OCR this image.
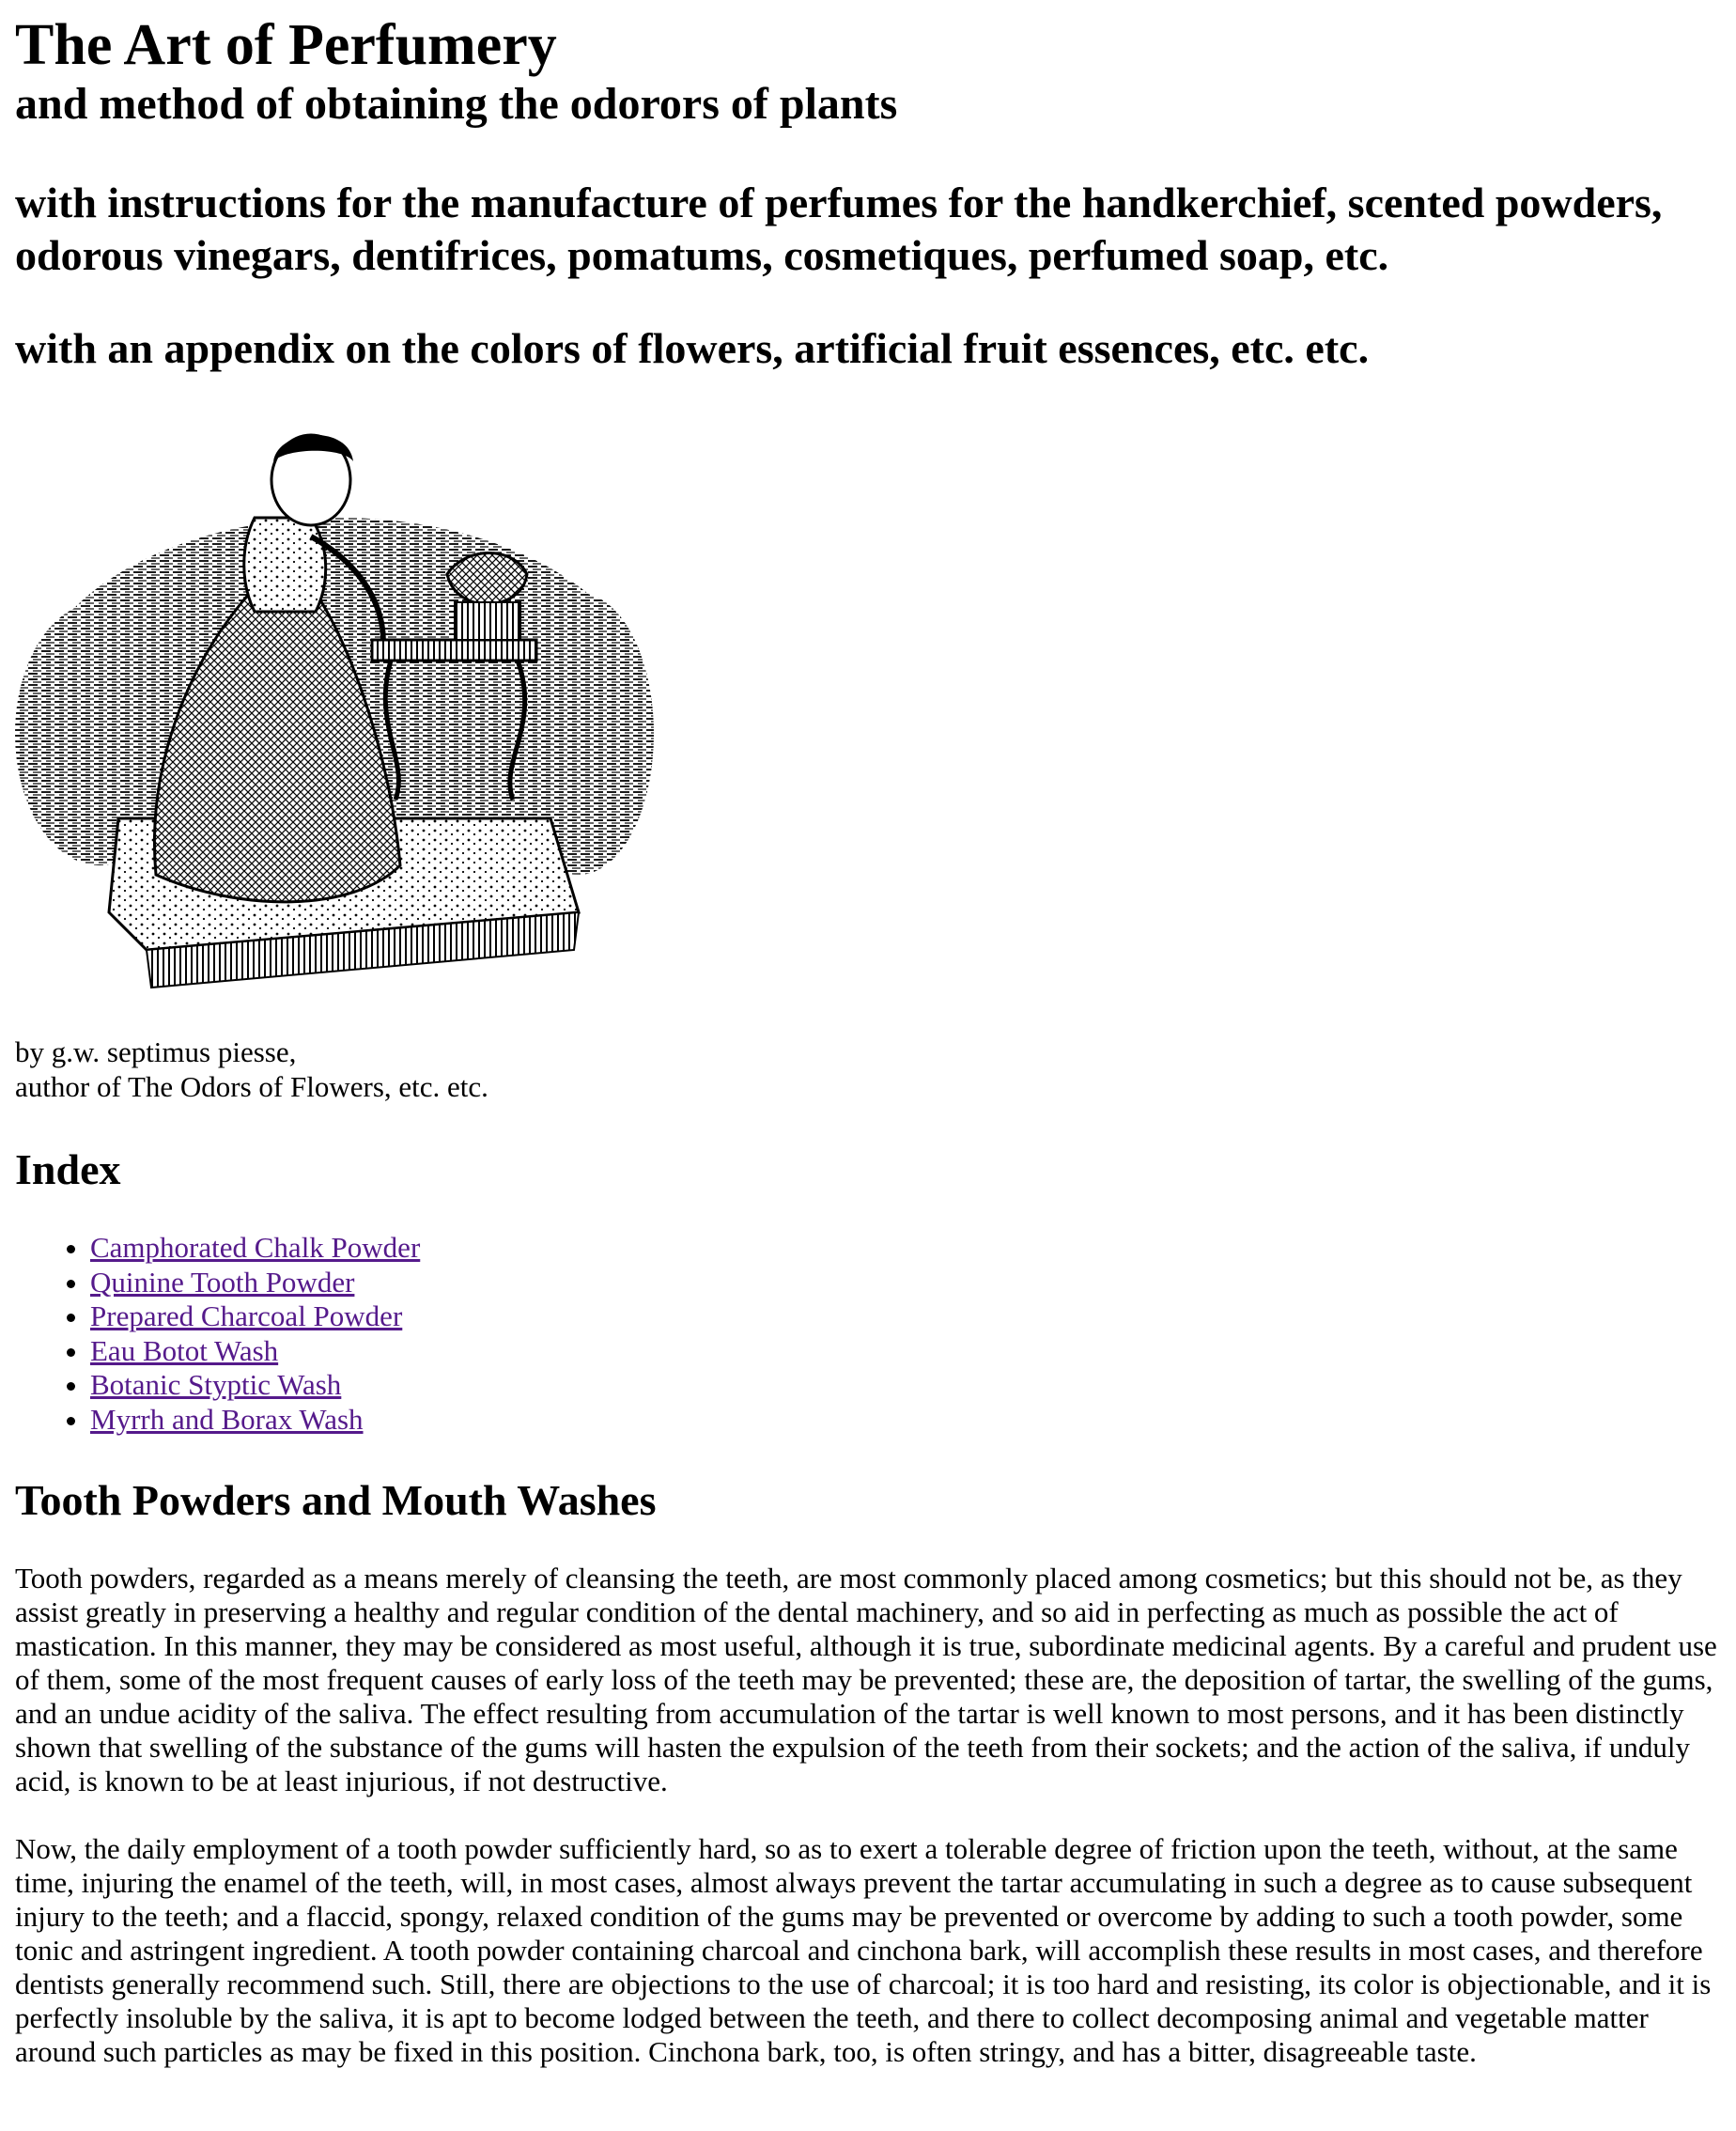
The Art of Perfumery
and method of obtaining the odorors of plants
with instructions for the manufacture of perfumes for the handkerchief, scented powders, odorous vinegars, dentifrices, pomatums, cosmetiques, perfumed soap, etc.
with an appendix on the colors of flowers, artificial fruit essences, etc. etc.
by g.w. septimus piesse,
author of The Odors of Flowers, etc. etc.
Index
• Camphorated Chalk Powder
• Quinine Tooth Powder
• Prepared Charcoal Powder
• Eau Botot Wash
• Botanic Styptic Wash
• Myrrh and Borax Wash
Tooth Powders and Mouth Washes

Tooth powders, regarded as a means merely of cleansing the teeth, are most commonly placed among cosmetics; but this should not be, as they assist greatly in preserving a healthy and regular condition of the dental machinery, and so aid in perfecting as much as possible the act of mastication. In this manner, they may be considered as most useful, although it is true, subordinate medicinal agents. By a careful and prudent use of them, some of the most frequent causes of early loss of the teeth may be prevented; these are, the deposition of tartar, the swelling of the gums, and an undue acidity of the saliva. The effect resulting from accumulation of the tartar is well known to most persons, and it has been distinctly shown that swelling of the substance of the gums will hasten the expulsion of the teeth from their sockets; and the action of the saliva, if unduly acid, is known to be at least injurious, if not destructive.

Now, the daily employment of a tooth powder sufficiently hard, so as to exert a tolerable degree of friction upon the teeth, without, at the same time, injuring the enamel of the teeth, will, in most cases, almost always prevent the tartar accumulating in such a degree as to cause subsequent injury to the teeth; and a flaccid, spongy, relaxed condition of the gums may be prevented or overcome by adding to such a tooth powder, some tonic and astringent ingredient. A tooth powder containing charcoal and cinchona bark, will accomplish these results in most cases, and therefore dentists generally recommend such. Still, there are objections to the use of charcoal; it is too hard and resisting, its color is objectionable, and it is perfectly insoluble by the saliva, it is apt to become lodged between the teeth, and there to collect decomposing animal and vegetable matter around such particles as may be fixed in this position. Cinchona bark, too, is often stringy, and has a bitter, disagreeable taste.
